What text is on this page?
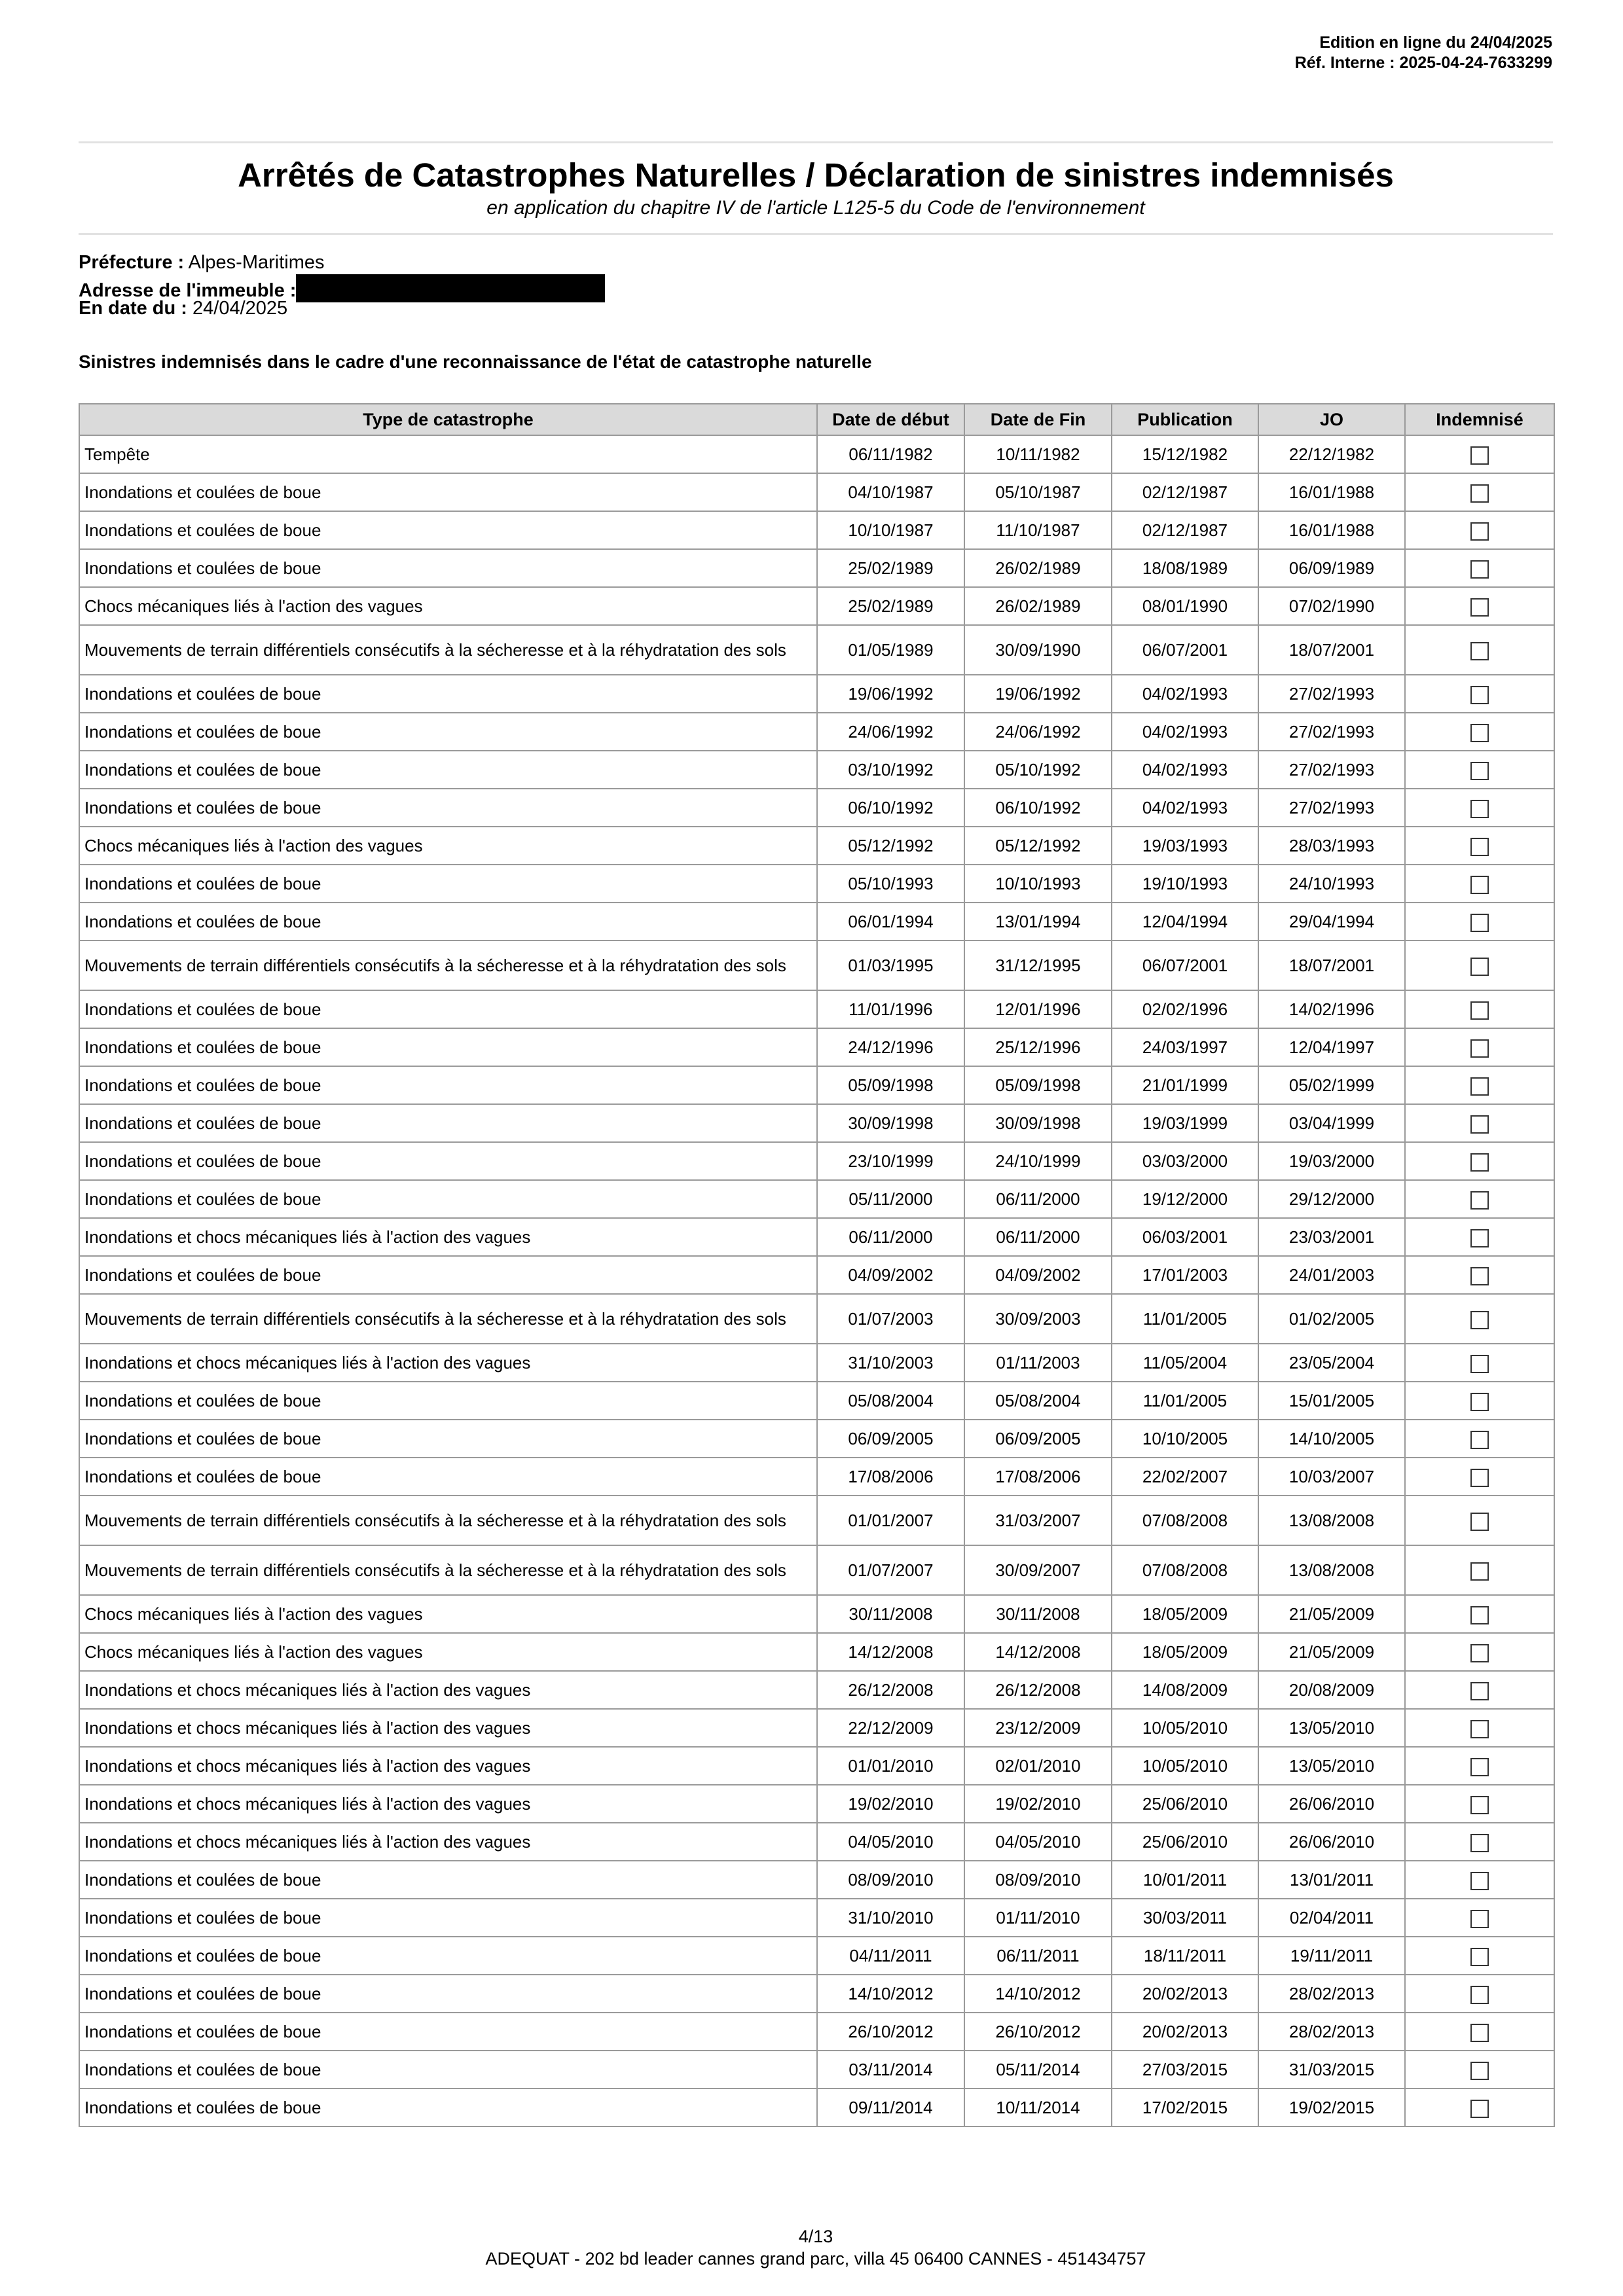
Edition en ligne du 24/04/2025
Réf. Interne : 2025-04-24-7633299
Arrêtés de Catastrophes Naturelles / Déclaration de sinistres indemnisés
en application du chapitre IV de l'article L125-5 du Code de l'environnement
Préfecture : Alpes-Maritimes
Adresse de l'immeuble :
En date du : 24/04/2025
Sinistres indemnisés dans le cadre d'une reconnaissance de l'état de catastrophe naturelle
Type de catastrophe	Date de début	Date de Fin	Publication	JO	Indemnisé
Tempête	06/11/1982	10/11/1982	15/12/1982	22/12/1982	
Inondations et coulées de boue	04/10/1987	05/10/1987	02/12/1987	16/01/1988	
Inondations et coulées de boue	10/10/1987	11/10/1987	02/12/1987	16/01/1988	
Inondations et coulées de boue	25/02/1989	26/02/1989	18/08/1989	06/09/1989	
Chocs mécaniques liés à l'action des vagues	25/02/1989	26/02/1989	08/01/1990	07/02/1990	
Mouvements de terrain différentiels consécutifs à la sécheresse et à la réhydratation des sols	01/05/1989	30/09/1990	06/07/2001	18/07/2001	
Inondations et coulées de boue	19/06/1992	19/06/1992	04/02/1993	27/02/1993	
Inondations et coulées de boue	24/06/1992	24/06/1992	04/02/1993	27/02/1993	
Inondations et coulées de boue	03/10/1992	05/10/1992	04/02/1993	27/02/1993	
Inondations et coulées de boue	06/10/1992	06/10/1992	04/02/1993	27/02/1993	
Chocs mécaniques liés à l'action des vagues	05/12/1992	05/12/1992	19/03/1993	28/03/1993	
Inondations et coulées de boue	05/10/1993	10/10/1993	19/10/1993	24/10/1993	
Inondations et coulées de boue	06/01/1994	13/01/1994	12/04/1994	29/04/1994	
Mouvements de terrain différentiels consécutifs à la sécheresse et à la réhydratation des sols	01/03/1995	31/12/1995	06/07/2001	18/07/2001	
Inondations et coulées de boue	11/01/1996	12/01/1996	02/02/1996	14/02/1996	
Inondations et coulées de boue	24/12/1996	25/12/1996	24/03/1997	12/04/1997	
Inondations et coulées de boue	05/09/1998	05/09/1998	21/01/1999	05/02/1999	
Inondations et coulées de boue	30/09/1998	30/09/1998	19/03/1999	03/04/1999	
Inondations et coulées de boue	23/10/1999	24/10/1999	03/03/2000	19/03/2000	
Inondations et coulées de boue	05/11/2000	06/11/2000	19/12/2000	29/12/2000	
Inondations et chocs mécaniques liés à l'action des vagues	06/11/2000	06/11/2000	06/03/2001	23/03/2001	
Inondations et coulées de boue	04/09/2002	04/09/2002	17/01/2003	24/01/2003	
Mouvements de terrain différentiels consécutifs à la sécheresse et à la réhydratation des sols	01/07/2003	30/09/2003	11/01/2005	01/02/2005	
Inondations et chocs mécaniques liés à l'action des vagues	31/10/2003	01/11/2003	11/05/2004	23/05/2004	
Inondations et coulées de boue	05/08/2004	05/08/2004	11/01/2005	15/01/2005	
Inondations et coulées de boue	06/09/2005	06/09/2005	10/10/2005	14/10/2005	
Inondations et coulées de boue	17/08/2006	17/08/2006	22/02/2007	10/03/2007	
Mouvements de terrain différentiels consécutifs à la sécheresse et à la réhydratation des sols	01/01/2007	31/03/2007	07/08/2008	13/08/2008	
Mouvements de terrain différentiels consécutifs à la sécheresse et à la réhydratation des sols	01/07/2007	30/09/2007	07/08/2008	13/08/2008	
Chocs mécaniques liés à l'action des vagues	30/11/2008	30/11/2008	18/05/2009	21/05/2009	
Chocs mécaniques liés à l'action des vagues	14/12/2008	14/12/2008	18/05/2009	21/05/2009	
Inondations et chocs mécaniques liés à l'action des vagues	26/12/2008	26/12/2008	14/08/2009	20/08/2009	
Inondations et chocs mécaniques liés à l'action des vagues	22/12/2009	23/12/2009	10/05/2010	13/05/2010	
Inondations et chocs mécaniques liés à l'action des vagues	01/01/2010	02/01/2010	10/05/2010	13/05/2010	
Inondations et chocs mécaniques liés à l'action des vagues	19/02/2010	19/02/2010	25/06/2010	26/06/2010	
Inondations et chocs mécaniques liés à l'action des vagues	04/05/2010	04/05/2010	25/06/2010	26/06/2010	
Inondations et coulées de boue	08/09/2010	08/09/2010	10/01/2011	13/01/2011	
Inondations et coulées de boue	31/10/2010	01/11/2010	30/03/2011	02/04/2011	
Inondations et coulées de boue	04/11/2011	06/11/2011	18/11/2011	19/11/2011	
Inondations et coulées de boue	14/10/2012	14/10/2012	20/02/2013	28/02/2013	
Inondations et coulées de boue	26/10/2012	26/10/2012	20/02/2013	28/02/2013	
Inondations et coulées de boue	03/11/2014	05/11/2014	27/03/2015	31/03/2015	
Inondations et coulées de boue	09/11/2014	10/11/2014	17/02/2015	19/02/2015	
4/13
ADEQUAT - 202 bd leader cannes grand parc, villa 45 06400 CANNES - 451434757
